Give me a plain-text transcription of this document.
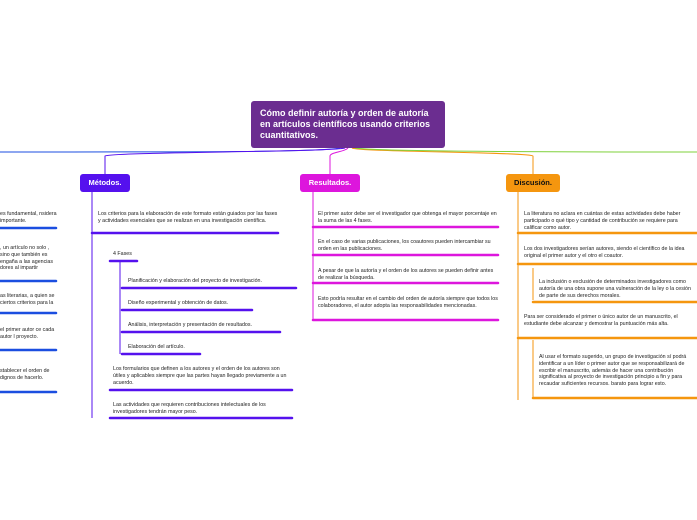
Cómo definir autoría y orden de autoría en artículos científicos usando criterios cuantitativos.
Métodos.	Resultados.	Discusión.
es fundamental, nsidera importante.
, un artículo no solo , sino que también es engaña a las agencias dores al impartir
as literarias, a quien se ciertos criterios para la
el primer autor ce cada autor l proyecto.
stablecer el orden de dignos de hacerlo.
Los criterios para la elaboración de este formato están guiados por las fases y actividades esenciales que se realizan en una investigación científica.
4 Fases
Planificación y elaboración del proyecto de investigación.
Diseño experimental y obtención de datos.
Análisis, interpretación y presentación de resultados.
Elaboración del artículo.
Los formularios que definen a los autores y el orden de los autores son útiles y aplicables siempre que las partes hayan llegado previamente a un acuerdo.
Las actividades que requieren contribuciones intelectuales de los investigadores tendrán mayor peso.
El primer autor debe ser el investigador que obtenga el mayor porcentaje en la suma de las 4 fases.
En el caso de varias publicaciones, los coautores pueden intercambiar su orden en las publicaciones.
A pesar de que la autoría y el orden de los autores se pueden definir antes de realizar la búsqueda.
Esto podría resultar en el cambio del orden de autoría siempre que todos los colaboradores, el autor adopta las responsabilidades mencionadas.
La literatura no aclara en cuántas de estas actividades debe haber participado o qué tipo y cantidad de contribución se requiere para calificar como autor.
Los dos investigadores serían autores, siendo el científico de la idea original el primer autor y el otro el coautor.
La inclusión o exclusión de determinados investigadores como autoría de una obra supone una vulneración de la ley o la cesión de parte de sus derechos morales.
Para ser considerado el primer o único autor de un manuscrito, el estudiante debe alcanzar y demostrar la puntuación más alta.
Al usar el formato sugerido, un grupo de investigación sí podrá identificar a un líder o primer autor que se responsabilizará de escribir el manuscrito, además de hacer una contribución significativa al proyecto de investigación principio a fin y para recaudar suficientes recursos. barato para lograr esto.
